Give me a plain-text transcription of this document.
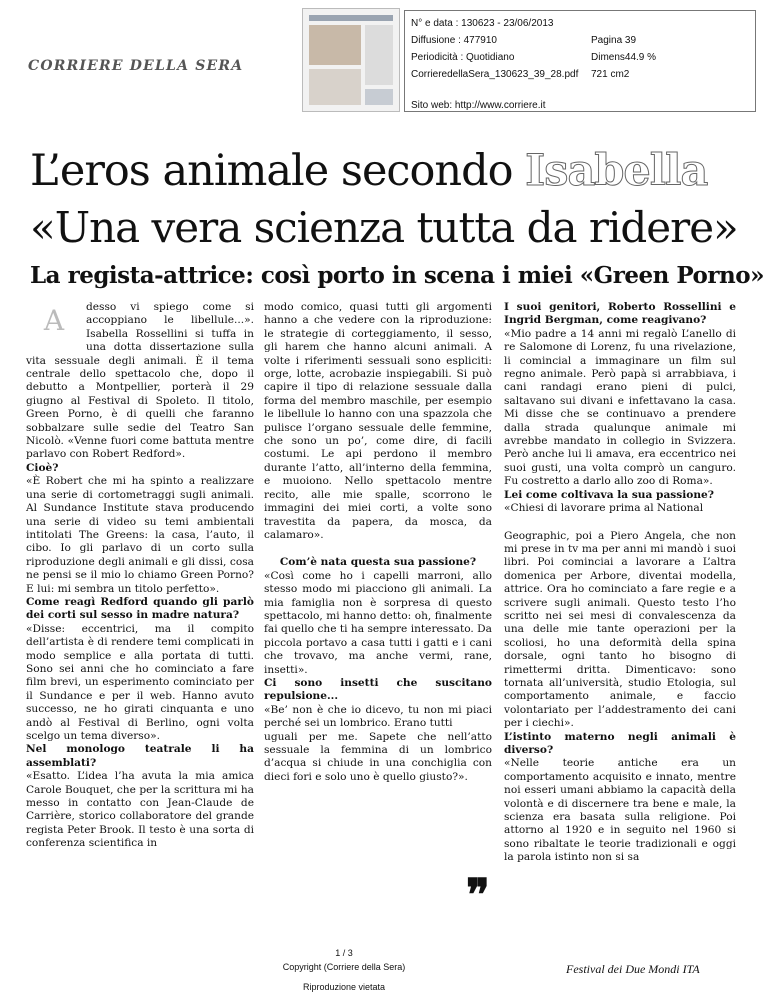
CORRIERE DELLA SERA
N° e data : 130623 - 23/06/2013
Diffusione : 477910	Pagina 39
Periodicità : Quotidiano	Dimens44.9 %
CorrieredellaSera_130623_39_28.pdf	721 cm2
Sito web: http://www.corriere.it
L’eros animale secondo Isabella
«Una vera scienza tutta da ridere»
La regista-attrice: così porto in scena i miei «Green Porno»
A	desso vi spiego come si accoppiano le libellule...». Isabella Rossellini si tuffa in una dotta dissertazione sulla vita sessuale degli animali. È il tema centrale dello spettacolo che, dopo il debutto a Montpellier, porterà il 29 giugno al Festival di Spoleto. Il titolo, Green Porno, è di quelli che faranno sobbalzare sulle sedie del Teatro San Nicolò. «Venne fuori come battuta mentre parlavo con Robert Redford».

Cioè?

«È Robert che mi ha spinto a realizzare una serie di cortometraggi sugli animali. Al Sundance Institute stava producendo una serie di video su temi ambientali intitolati The Greens: la casa, l’auto, il cibo. Io gli parlavo di un corto sulla riproduzione degli animali e gli dissi, cosa ne pensi se il mio lo chiamo Green Porno? E lui: mi sembra un titolo perfetto».

Come reagì Redford quando gli parlò dei corti sul sesso in madre natura?

«Disse: eccentrici, ma il compito dell’artista è di rendere temi complicati in modo semplice e alla portata di tutti. Sono sei anni che ho cominciato a fare film brevi, un esperimento cominciato per il Sundance e per il web. Hanno avuto successo, ne ho girati cinquanta e uno andò al Festival di Berlino, ogni volta scelgo un tema diverso».

Nel monologo teatrale li ha assemblati?

«Esatto. L’idea l’ha avuta la mia amica Carole Bouquet, che per la scrittura mi ha messo in contatto con Jean-Claude de Carrière, storico collaboratore del grande regista Peter Brook. Il testo è una sorta di conferenza scientifica in

modo comico, quasi tutti gli argomenti hanno a che vedere con la riproduzione: le strategie di corteggiamento, il sesso, gli harem che hanno alcuni animali. A volte i riferimenti sessuali sono espliciti: orge, lotte, acrobazie inspiegabili. Si può capire il tipo di relazione sessuale dalla forma del membro maschile, per esempio le libellule lo hanno con una spazzola che pulisce l’organo sessuale delle femmine, che sono un po’, come dire, di facili costumi. Le api perdono il membro durante l’atto, all’interno della femmina, e muoiono. Nello spettacolo mentre recito, alle mie spalle, scorrono le immagini dei miei corti, a volte sono travestita da papera, da mosca, da calamaro».

Com’è nata questa sua passione?

«Così come ho i capelli marroni, allo stesso modo mi piacciono gli animali. La mia famiglia non è sorpresa di questo spettacolo, mi hanno detto: oh, finalmente fai quello che ti ha sempre interessato. Da piccola portavo a casa tutti i gatti e i cani che trovavo, ma anche vermi, rane, insetti».

Ci sono insetti che suscitano repulsione...

«Be’ non è che io dicevo, tu non mi piaci perché sei un lombrico. Erano tutti

uguali per me. Sapete che nell’atto sessuale la femmina di un lombrico d’acqua si chiude in una conchiglia con dieci fori e solo uno è quello giusto?».

I suoi genitori, Roberto Rossellini e Ingrid Bergman, come reagivano?

«Mio padre a 14 anni mi regalò L’anello di re Salomone di Lorenz, fu una rivelazione, li comincial a immaginare un film sul regno animale. Però papà si arrabbiava, i cani randagi erano pieni di pulci, saltavano sui divani e infettavano la casa. Mi disse che se continuavo a prendere dalla strada qualunque animale mi avrebbe mandato in collegio in Svizzera. Però anche lui li amava, era eccentrico nei suoi gusti, una volta comprò un canguro. Fu costretto a darlo allo zoo di Roma».

Lei come coltivava la sua passione?

«Chiesi di lavorare prima al National

Geographic, poi a Piero Angela, che non mi prese in tv ma per anni mi mandò i suoi libri. Poi cominciai a lavorare a L’altra domenica per Arbore, diventai modella, attrice. Ora ho cominciato a fare regie e a scrivere sugli animali. Questo testo l’ho scritto nei sei mesi di convalescenza da una delle mie tante operazioni per la scoliosi, ho una deformità della spina dorsale, ogni tanto ho bisogno di rimettermi dritta. Dimenticavo: sono tornata all’università, studio Etologia, sul comportamento animale, e faccio volontariato per l’addestramento dei cani per i ciechi».

L’istinto materno negli animali è diverso?

«Nelle teorie antiche era un comportamento acquisito e innato, mentre noi esseri umani abbiamo la capacità della volontà e di discernere tra bene e male, la scienza era basata sulla religione. Poi attorno al 1920 e in seguito nel 1960 si sono ribaltate le teorie tradizionali e oggi la parola istinto non si sa

❞
1 / 3
Copyright (Corriere della Sera)
Riproduzione vietata
Festival dei Due Mondi ITA
